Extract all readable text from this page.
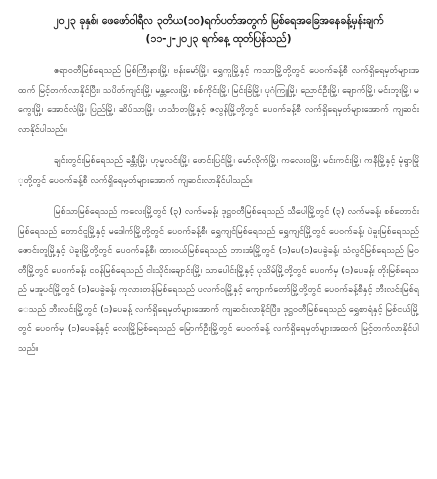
၂၀၂၃ ခုနှစ်၊ ဖေဖော်ဝါရီလ ၃တိယ(၁၀)ရက်ပတ်အတွက် မြစ်ရေအခြေအနေခန့်မှန်းချက်

(၁၁-၂-၂၀၂၃ ရက်နေ့ ထုတ်ပြန်သည်)

ဧရာဝတီမြစ်ရေသည် မြစ်ကြီးနားမြို့၊ ဗန်းမော်မြို့၊ ရွှေကူမြို့နှင့် ကသာမြို့တို့တွင် ပေဝက်ခန့်စီ လက်ရှိရေမှတ်များအထက် မြင့်တက်လာနိုင်ပြီး၊ သပိတ်ကျင်းမြို့၊ မန္တလေးမြို့၊ စစ်ကိုင်းမြို့၊ မြင်းခြံမြို့၊ ပုဂံကြူမြို့၊ ညောင်ဦးမြို့၊ ချောက်မြို့၊ မင်းဘူးမြို့၊ မကွေးမြို့၊ အောင်လံမြို့၊ ပြည်မြို့၊ ဆိပ်သာမြို့၊ ဟင်္သာတမြို့နှင့် ဇလွန်မြို့တို့တွင် ပေဝက်ခန့်စီ လက်ရှိရေမှတ်များအောက် ကျဆင်းလာနိုင်ပါသည်။

ချင်းတွင်းမြစ်ရေသည် ခန္တီးမြို့၊ ဟုမ္မလင်းမြို့၊ ဖောင်းပြင်မြို့၊ မော်လိုက်မြို့၊ ကလေးဝမြို့၊ မင်းကင်းမြို့၊ ကနီမြို့နှင့် မုံရွာမြို့တို့တွင် ပေဝက်ခန့်စီ လက်ရှိရေမှတ်များအောက် ကျဆင်းလာနိုင်ပါသည်။

မြစ်သာမြစ်ရေသည် ကလေးမြို့တွင် (၃) လက်မခန့်၊ ဒုဋ္ဌဝတီမြစ်ရေသည် သီပေါမြို့တွင် (၃) လက်မခန့်၊ စစ်တောင်းမြစ်ရေသည် တောင်ငူမြို့နှင့် မဒေါက်မြို့တို့တွင် ပေဝက်ခန့်စီ၊ ရွှေကျင်မြစ်ရေသည် ရွှေကျင်မြို့တွင် ပေဝက်ခန့်၊ ပဲခူးမြစ်ရေသည် ဇောင်းတူမြို့နှင့် ပဲခူးမြို့တို့တွင် ပေဝက်ခန့်စီ၊ ထားဝယ်မြစ်ရေသည် ဘားအံမြို့တွင် (၁)ပေ(၁)ပေခွဲခန့်၊ သံလွင်မြစ်ရေသည် မြဝတီမြို့တွင် ပေဝက်ခန့်၊ ငဝန်မြစ်ရေသည် ငါးသိုင်းချောင်းမြို့၊ သာပေါင်းမြို့နှင့် ပုသိမ်မြို့တို့တွင် ပေဝက်မှ (၁)ပေခန့်၊ တိုးမြစ်ရေသည် မအူပင်မြို့တွင် (၁)ပေခွဲခန့်၊ ကုလားတန်မြစ်ရေသည် ပလက်ဝမြို့နှင့် ကျောက်တော်မြို့တို့တွင် ပေဝက်ခန့်စီနှင့် ဘီးလင်းမြစ်ရေသည် ဘီးလင်းမြို့တွင် (၁)ပေခန့် လက်ရှိရေမှတ်များအောက် ကျဆင်းလာနိုင်ပြီး၊ ဒုဋ္ဌဝတီမြစ်ရေသည် ရွှေစာရံနှင့် မြစ်ငယ်မြို့တွင် ပေဝက်မှ (၁)ပေခန့်နှင့် လေးမြို့မြစ်ရေသည် မြောက်ဦးမြို့တွင် ပေဝက်ခန့် လက်ရှိရေမှတ်များအထက် မြင့်တက်လာနိုင်ပါသည်။
